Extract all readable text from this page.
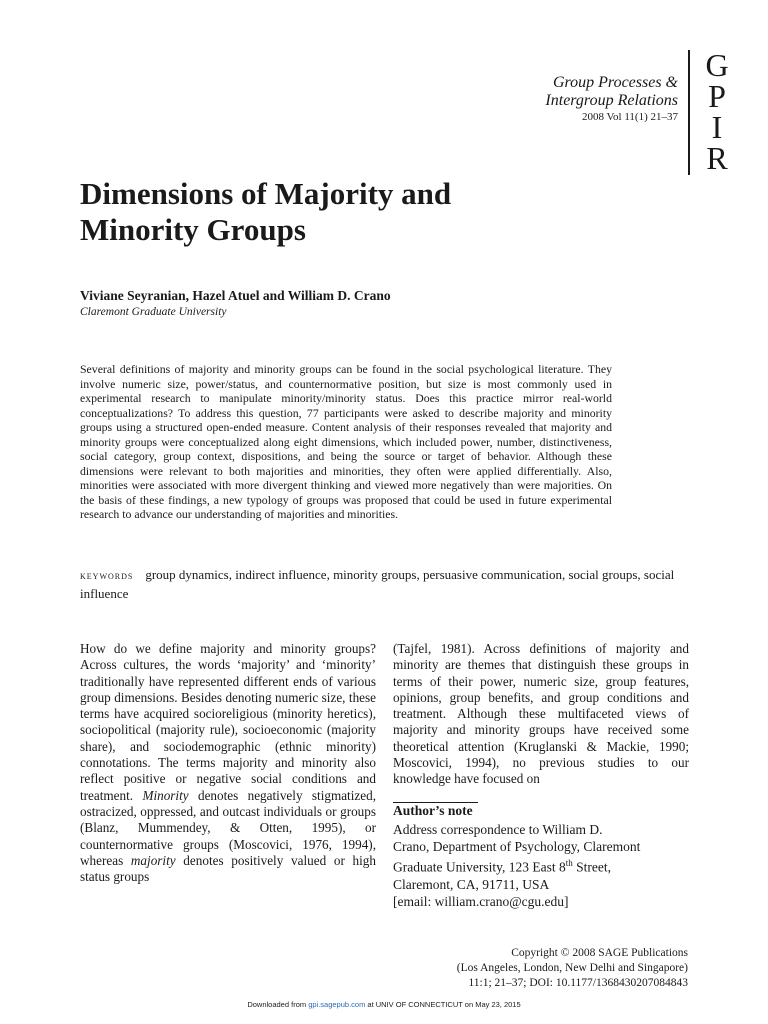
Group Processes &
Intergroup Relations
2008 Vol 11(1) 21–37
G
P
I
R
Dimensions of Majority and
Minority Groups
Viviane Seyranian, Hazel Atuel and William D. Crano
Claremont Graduate University

Several definitions of majority and minority groups can be found in the social psychological literature. They involve numeric size, power/status, and counternormative position, but size is most commonly used in experimental research to manipulate minority/minority status. Does this practice mirror real-world conceptualizations? To address this question, 77 participants were asked to describe majority and minority groups using a structured open-ended measure. Content analysis of their responses revealed that majority and minority groups were conceptualized along eight dimensions, which included power, number, distinctiveness, social category, group context, dispositions, and being the source or target of behavior. Although these dimensions were relevant to both majorities and minorities, they often were applied differentially. Also, minorities were associated with more divergent thinking and viewed more negatively than were majorities. On the basis of these findings, a new typology of groups was proposed that could be used in future experimental research to advance our understanding of majorities and minorities.

keywords group dynamics, indirect influence, minority groups, persuasive communication, social groups, social influence
How do we define majority and minority groups? Across cultures, the words ‘majority’ and ‘minority’ traditionally have represented different ends of various group dimensions. Besides denoting numeric size, these terms have acquired socioreligious (minority heretics), sociopolitical (majority rule), socioeconomic (majority share), and sociodemographic (ethnic minority) connotations. The terms majority and minority also reflect positive or negative social conditions and treatment. Minority denotes negatively stigmatized, ostracized, oppressed, and outcast individuals or groups (Blanz, Mummendey, & Otten, 1995), or counternormative groups (Moscovici, 1976, 1994), whereas majority denotes positively valued or high status groups
(Tajfel, 1981). Across definitions of majority and minority are themes that distinguish these groups in terms of their power, numeric size, group features, opinions, group benefits, and group conditions and treatment. Although these multifaceted views of majority and minority groups have received some theoretical attention (Kruglanski & Mackie, 1990; Moscovici, 1994), no previous studies to our knowledge have focused on
Author’s note
Address correspondence to William D.
Crano, Department of Psychology, Claremont
Graduate University, 123 East 8th Street,
Claremont, CA, 91711, USA
[email: william.crano@cgu.edu]
Copyright © 2008 SAGE Publications
(Los Angeles, London, New Delhi and Singapore)
11:1; 21–37; DOI: 10.1177/1368430207084843
Downloaded from gpi.sagepub.com at UNIV OF CONNECTICUT on May 23, 2015
